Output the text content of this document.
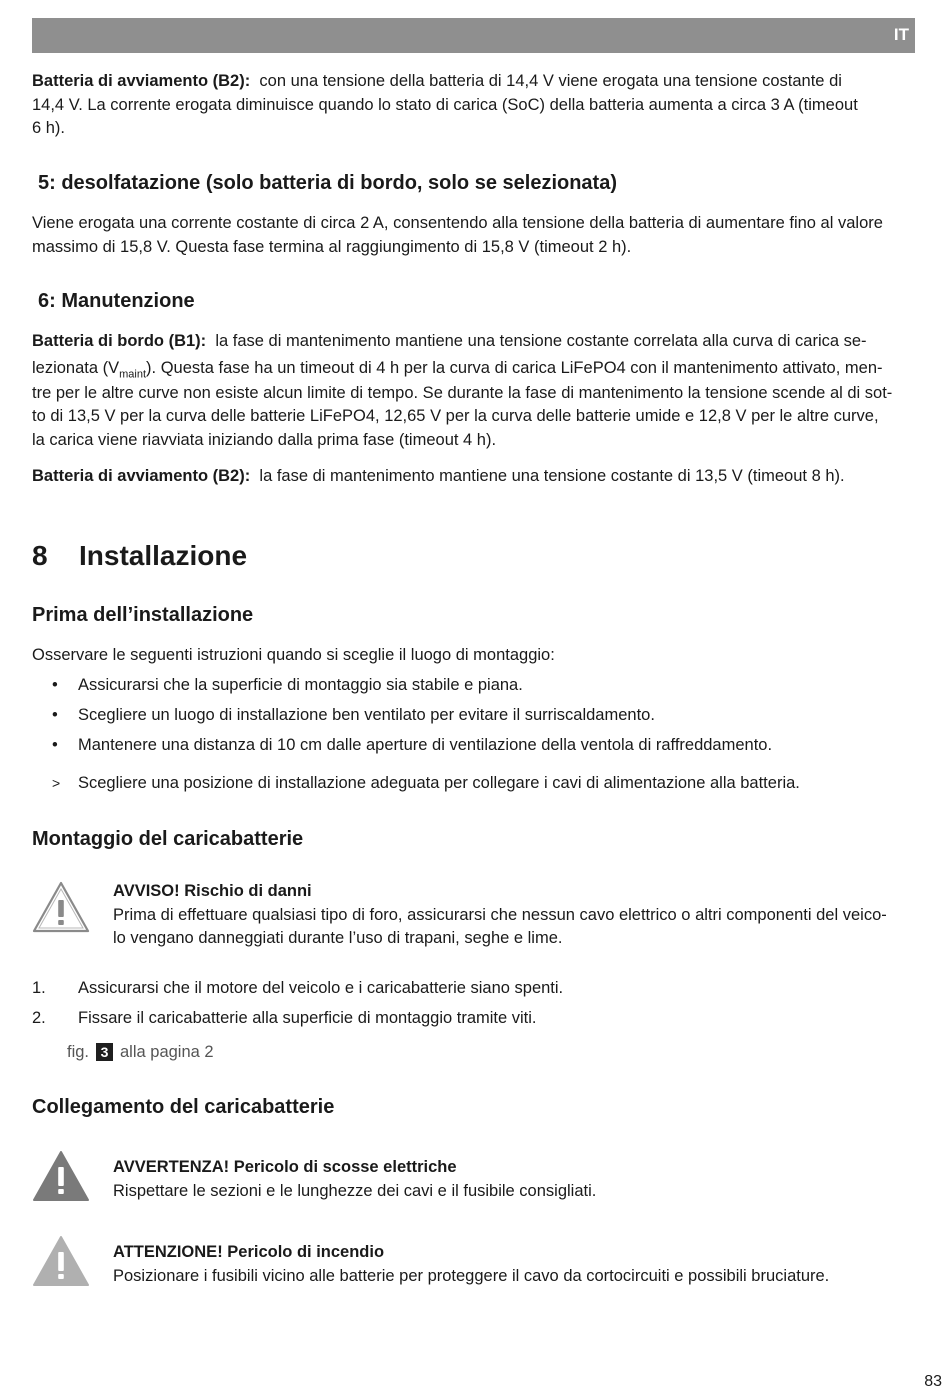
IT

Batteria di avviamento (B2): con una tensione della batteria di 14,4 V viene erogata una tensione costante di

14,4 V. La corrente erogata diminuisce quando lo stato di carica (SoC) della batteria aumenta a circa 3 A (timeout

6 h).

5: desolfatazione (solo batteria di bordo, solo se selezionata)

Viene erogata una corrente costante di circa 2 A, consentendo alla tensione della batteria di aumentare fino al valore

massimo di 15,8 V. Questa fase termina al raggiungimento di 15,8 V (timeout 2 h).

6: Manutenzione

Batteria di bordo (B1): la fase di mantenimento mantiene una tensione costante correlata alla curva di carica se-

lezionata $(V_{maint})$. Questa fase ha un timeout di 4 h per la curva di carica LiFePO4 con il mantenimento attivato, men-

tre per le altre curve non esiste alcun limite di tempo. Se durante la fase di mantenimento la tensione scende al di sot-

to di 13,5 V per la curva delle batterie LiFePO4, 12,65 V per la curva delle batterie umide e 12,8 V per le altre curve,

la carica viene riavviata iniziando dalla prima fase (timeout 4 h).

Batteria di avviamento (B2): la fase di mantenimento mantiene una tensione costante di 13,5 V (timeout 8 h).

8 Installazione
Prima dell’installazione
Osservare le seguenti istruzioni quando si sceglie il luogo di montaggio:
• Assicurarsi che la superficie di montaggio sia stabile e piana.
• Scegliere un luogo di installazione ben ventilato per evitare il surriscaldamento.
• Mantenere una distanza di 10 cm dalle aperture di ventilazione della ventola di raffreddamento.
> Scegliere una posizione di installazione adeguata per collegare i cavi di alimentazione alla batteria.
Montaggio del caricabatterie

AVVISO! Rischio di danni

Prima di effettuare qualsiasi tipo di foro, assicurarsi che nessun cavo elettrico o altri componenti del veico-

lo vengano danneggiati durante l’uso di trapani, seghe e lime.

1. Assicurarsi che il motore del veicolo e i caricabatterie siano spenti.
2. Fissare il caricabatterie alla superficie di montaggio tramite viti.
fig. 3 alla pagina 2
Collegamento del caricabatterie

AVVERTENZA! Pericolo di scosse elettriche

Rispettare le sezioni e le lunghezze dei cavi e il fusibile consigliati.

ATTENZIONE! Pericolo di incendio

Posizionare i fusibili vicino alle batterie per proteggere il cavo da cortocircuiti e possibili bruciature.

83
